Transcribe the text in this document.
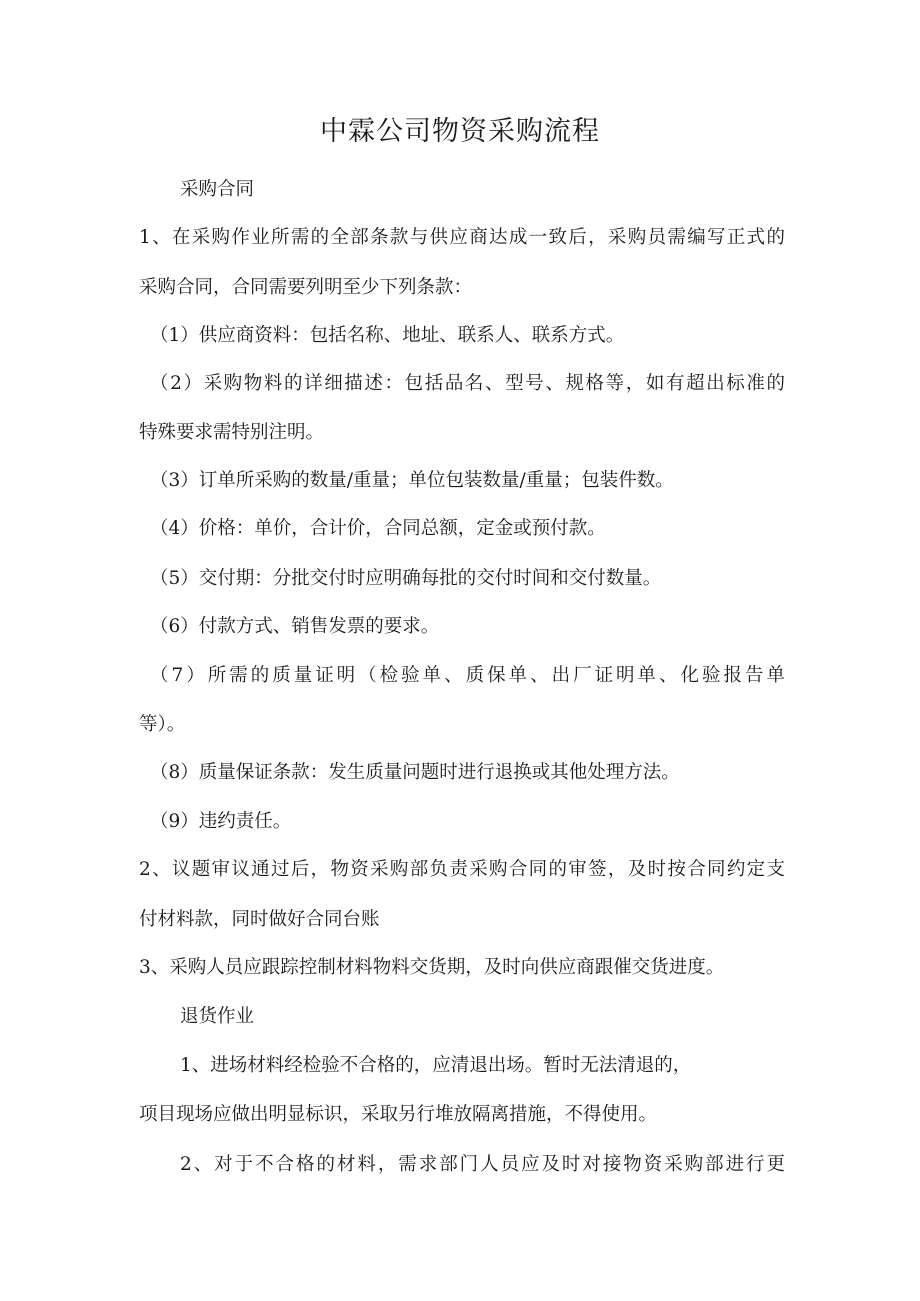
中霖公司物资采购流程
采购合同
1、在采购作业所需的全部条款与供应商达成一致后，采购员需编写正式的
采购合同，合同需要列明至少下列条款：
（1）供应商资料：包括名称、地址、联系人、联系方式。
（2）采购物料的详细描述：包括品名、型号、规格等，如有超出标准的
特殊要求需特别注明。
（3）订单所采购的数量/重量；单位包装数量/重量；包装件数。
（4）价格：单价，合计价，合同总额，定金或预付款。
（5）交付期：分批交付时应明确每批的交付时间和交付数量。
（6）付款方式、销售发票的要求。
（7）所需的质量证明（检验单、质保单、出厂证明单、化验报告单
等）。
（8）质量保证条款：发生质量问题时进行退换或其他处理方法。
（9）违约责任。
2、议题审议通过后，物资采购部负责采购合同的审签，及时按合同约定支
付材料款，同时做好合同台账
3、采购人员应跟踪控制材料物料交货期，及时向供应商跟催交货进度。
退货作业
1、进场材料经检验不合格的，应清退出场。暂时无法清退的，
项目现场应做出明显标识，采取另行堆放隔离措施，不得使用。
2、对于不合格的材料，需求部门人员应及时对接物资采购部进行更
